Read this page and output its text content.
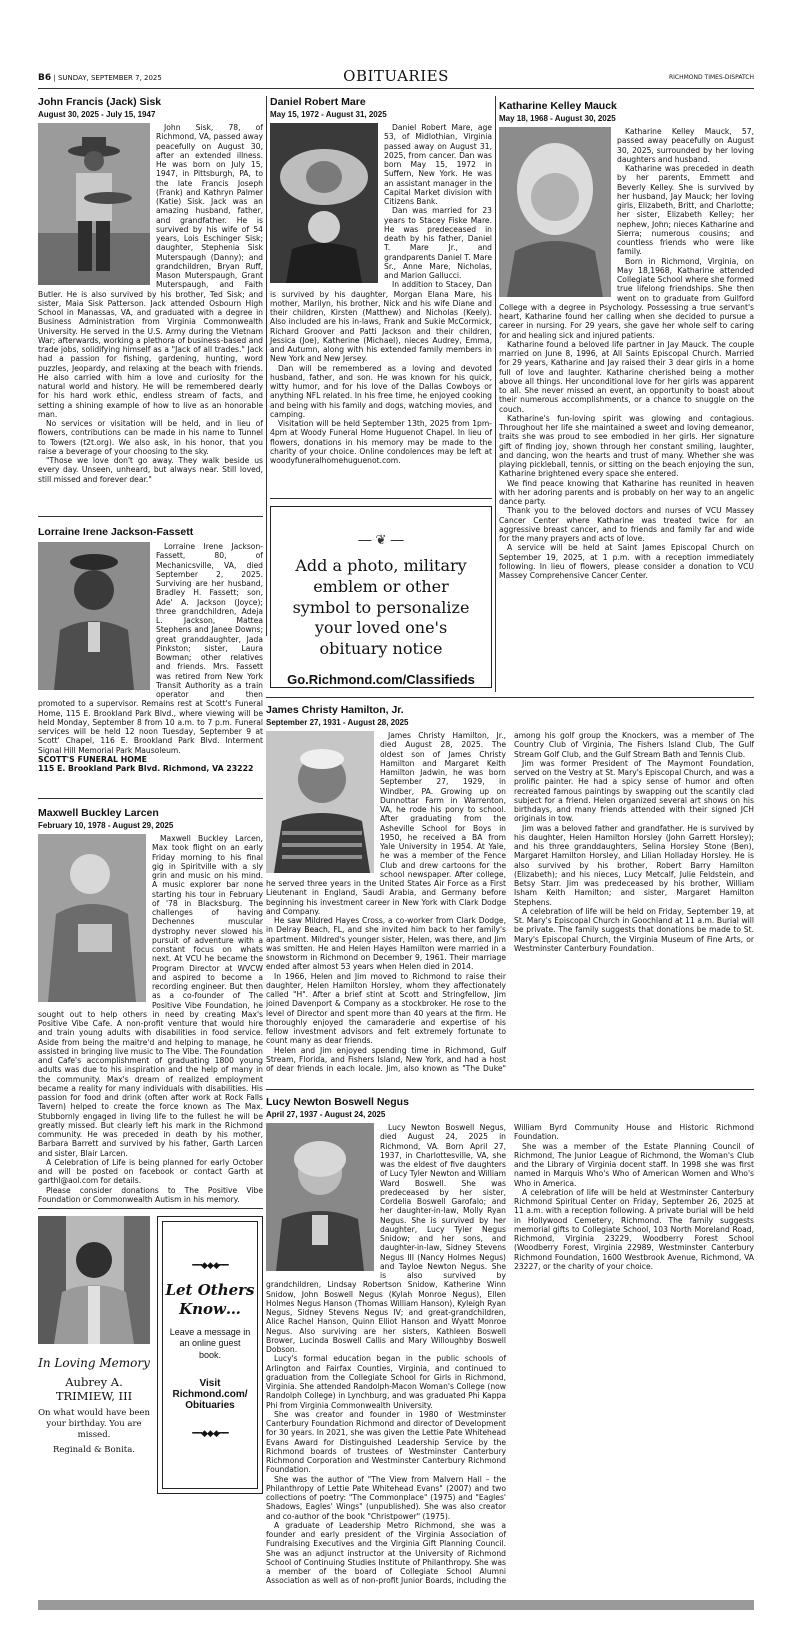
B6 | SUNDAY, SEPTEMBER 7, 2025	OBITUARIES	RICHMOND TIMES-DISPATCH
John Francis (Jack) Sisk
August 30, 2025 - July 15, 1947

John Sisk, 78, of Richmond, VA, passed away peacefully on August 30, after an extended illness. He was born on July 15, 1947, in Pittsburgh, PA, to the late Francis Joseph (Frank) and Kathryn Palmer (Katie) Sisk. Jack was an amazing husband, father, and grandfather. He is survived by his wife of 54 years, Lois Eschinger Sisk; daughter, Stephenia Sisk Muterspaugh (Danny); and grandchildren, Bryan Ruff, Mason Muterspaugh, Grant Muterspaugh, and Faith Butler. He is also survived by his brother, Ted Sisk; and sister, Maia Sisk Patterson. Jack attended Osbourn High School in Manassas, VA, and graduated with a degree in Business Administration from Virginia Commonwealth University. He served in the U.S. Army during the Vietnam War; afterwards, working a plethora of business-based and trade jobs, solidifying himself as a "Jack of all trades." Jack had a passion for fishing, gardening, hunting, word puzzles, Jeopardy, and relaxing at the beach with friends. He also carried with him a love and curiosity for the natural world and history. He will be remembered dearly for his hard work ethic, endless stream of facts, and setting a shining example of how to live as an honorable man.

No services or visitation will be held, and in lieu of flowers, contributions can be made in his name to Tunnel to Towers (t2t.org). We also ask, in his honor, that you raise a beverage of your choosing to the sky.

"Those we love don't go away. They walk beside us every day. Unseen, unheard, but always near. Still loved, still missed and forever dear."

Lorraine Irene Jackson-Fassett

Lorraine Irene Jackson-Fassett, 80, of Mechanicsville, VA, died September 2, 2025. Surviving are her husband, Bradley H. Fassett; son, Ade' A. Jackson (Joyce); three grandchildren, Adeja L. Jackson, Mattea Stephens and Janee Downs; great granddaughter, Jada Pinkston; sister, Laura Bowman; other relatives and friends. Mrs. Fassett was retired from New York Transit Authority as a train operator and then promoted to a supervisor. Remains rest at Scott's Funeral Home, 115 E. Brookland Park Blvd., where viewing will be held Monday, September 8 from 10 a.m. to 7 p.m. Funeral services will be held 12 noon Tuesday, September 9 at Scott' Chapel, 116 E. Brookland Park Blvd. Interment Signal Hill Memorial Park Mausoleum.

SCOTT'S FUNERAL HOME
115 E. Brookland Park Blvd. Richmond, VA 23222
Maxwell Buckley Larcen
February 10, 1978 - August 29, 2025

Maxwell Buckley Larcen, Max took flight on an early Friday morning to his final gig in Spiritville with a sly grin and music on his mind. A music explorer bar none starting his tour in February of '78 in Blacksburg. The challenges of having Dechennes muscular dystrophy never slowed his pursuit of adventure with a constant focus on whats next. At VCU he became the Program Director at WVCW and aspired to become a recording engineer. But then as a co-founder of The Positive Vibe Foundation, he sought out to help others in need by creating Max's Positive Vibe Cafe. A non-profit venture that would hire and train young adults with disabilities in food service. Aside from being the maitre'd and helping to manage, he assisted in bringing live music to The Vibe. The Foundation and Cafe's accomplishment of graduating 1800 young adults was due to his inspiration and the help of many in the community. Max's dream of realized employment became a reality for many individuals with disabilities. His passion for food and drink (often after work at Rock Falls Tavern) helped to create the force known as The Max. Stubbornly engaged in living life to the fullest he will be greatly missed. But clearly left his mark in the Richmond community. He was preceded in death by his mother, Barbara Barrett and survived by his father, Garth Larcen and sister, Blair Larcen.

A Celebration of Life is being planned for early October and will be posted on facebook or contact Garth at garthl@aol.com for details.

Please consider donations to The Positive Vibe Foundation or Commonwealth Autism in his memory.

In Loving Memory
Aubrey A.
TRIMIEW, III
On what would have been your birthday. You are missed.
Reginald & Bonita.
━━◆◆◆━━
Let Others Know…
Leave a message in an online guest book.
Visit
Richmond.com/
Obituaries
━━◆◆◆━━
Daniel Robert Mare
May 15, 1972 - August 31, 2025

Daniel Robert Mare, age 53, of Midlothian, Virginia passed away on August 31, 2025, from cancer. Dan was born May 15, 1972 in Suffern, New York. He was an assistant manager in the Capital Market division with Citizens Bank.

Dan was married for 23 years to Stacey Fiske Mare. He was predeceased in death by his father, Daniel T. Mare Jr., and grandparents Daniel T. Mare Sr., Anne Mare, Nicholas, and Marion Gallucci.

In addition to Stacey, Dan is survived by his daughter, Morgan Elana Mare, his mother, Marilyn, his brother, Nick and his wife Diane and their children, Kirsten (Matthew) and Nicholas (Keely). Also included are his in-laws, Frank and Sukie McCormick, Richard Groover and Patti Jackson and their children, Jessica (Joe), Katherine (Michael), nieces Audrey, Emma, and Autumn, along with his extended family members in New York and New Jersey.

Dan will be remembered as a loving and devoted husband, father, and son. He was known for his quick, witty humor, and for his love of the Dallas Cowboys or anything NFL related. In his free time, he enjoyed cooking and being with his family and dogs, watching movies, and camping.

Visitation will be held September 13th, 2025 from 1pm-4pm at Woody Funeral Home Huguenot Chapel. In lieu of flowers, donations in his memory may be made to the charity of your choice. Online condolences may be left at woodyfuneralhomehuguenot.com.

⎯⎯ ❦ ⎯⎯
Add a photo, military emblem or other symbol to personalize your loved one's obituary notice
Go.Richmond.com/Classifieds
James Christy Hamilton, Jr.
September 27, 1931 - August 28, 2025

James Christy Hamilton, Jr., died August 28, 2025. The oldest son of James Christy Hamilton and Margaret Keith Hamilton Jadwin, he was born September 27, 1929, in Windber, PA. Growing up on Dunnottar Farm in Warrenton, VA, he rode his pony to school. After graduating from the Asheville School for Boys in 1950, he received a BA from Yale University in 1954. At Yale, he was a member of the Fence Club and drew cartoons for the school newspaper. After college, he served three years in the United States Air Force as a First Lieutenant in England, Saudi Arabia, and Germany before beginning his investment career in New York with Clark Dodge and Company.

He saw Mildred Hayes Cross, a co-worker from Clark Dodge, in Delray Beach, FL, and she invited him back to her family's apartment. Mildred's younger sister, Helen, was there, and Jim was smitten. He and Helen Hayes Hamilton were married in a snowstorm in Richmond on December 9, 1961. Their marriage ended after almost 53 years when Helen died in 2014.

In 1966, Helen and Jim moved to Richmond to raise their daughter, Helen Hamilton Horsley, whom they affectionately called "H". After a brief stint at Scott and Stringfellow, Jim joined Davenport & Company as a stockbroker. He rose to the level of Director and spent more than 40 years at the firm. He thoroughly enjoyed the camaraderie and expertise of his fellow investment advisors and felt extremely fortunate to count many as dear friends.

Helen and Jim enjoyed spending time in Richmond, Gulf Stream, Florida, and Fishers Island, New York, and had a host of dear friends in each locale. Jim, also known as "The Duke" among his golf group the Knockers, was a member of The Country Club of Virginia, The Fishers Island Club, The Gulf Stream Golf Club, and the Gulf Stream Bath and Tennis Club.

Jim was former President of The Maymont Foundation, served on the Vestry at St. Mary's Episcopal Church, and was a prolific painter. He had a spicy sense of humor and often recreated famous paintings by swapping out the scantily clad subject for a friend. Helen organized several art shows on his birthdays, and many friends attended with their signed JCH originals in tow.

Jim was a beloved father and grandfather. He is survived by his daughter, Helen Hamilton Horsley (John Garrett Horsley); and his three granddaughters, Selina Horsley Stone (Ben), Margaret Hamilton Horsley, and Lilian Holladay Horsley. He is also survived by his brother, Robert Barry Hamilton (Elizabeth); and his nieces, Lucy Metcalf, Julie Feldstein, and Betsy Starr. Jim was predeceased by his brother, William Isham Keith Hamilton; and sister, Margaret Hamilton Stephens.

A celebration of life will be held on Friday, September 19, at St. Mary's Episcopal Church in Goochland at 11 a.m. Burial will be private. The family suggests that donations be made to St. Mary's Episcopal Church, the Virginia Museum of Fine Arts, or Westminster Canterbury Foundation.

Lucy Newton Boswell Negus
April 27, 1937 - August 24, 2025

Lucy Newton Boswell Negus, died August 24, 2025 in Richmond, VA. Born April 27, 1937, in Charlottesville, VA, she was the eldest of five daughters of Lucy Tyler Newton and William Ward Boswell. She was predeceased by her sister, Cordelia Boswell Garofalo; and her daughter-in-law, Molly Ryan Negus. She is survived by her daughter, Lucy Tyler Negus Snidow; and her sons, and daughter-in-law, Sidney Stevens Negus III (Nancy Holmes Negus) and Tayloe Newton Negus. She is also survived by grandchildren, Lindsay Robertson Snidow, Katherine Winn Snidow, John Boswell Negus (Kylah Monroe Negus), Ellen Holmes Negus Hanson (Thomas William Hanson), Kyleigh Ryan Negus, Sidney Stevens Negus IV; and great-grandchildren, Alice Rachel Hanson, Quinn Elliot Hanson and Wyatt Monroe Negus. Also surviving are her sisters, Kathleen Boswell Brower, Lucinda Boswell Callis and Mary Willoughby Boswell Dobson.

Lucy's formal education began in the public schools of Arlington and Fairfax Counties, Virginia, and continued to graduation from the Collegiate School for Girls in Richmond, Virginia. She attended Randolph-Macon Woman's College (now Randolph College) in Lynchburg, and was graduated Phi Kappa Phi from Virginia Commonwealth University.

She was creator and founder in 1980 of Westminster Canterbury Foundation Richmond and director of Development for 30 years. In 2021, she was given the Lettie Pate Whitehead Evans Award for Distinguished Leadership Service by the Richmond boards of trustees of Westminster Canterbury Richmond Corporation and Westminster Canterbury Richmond Foundation.

She was the author of "The View from Malvern Hall – the Philanthropy of Lettie Pate Whitehead Evans" (2007) and two collections of poetry: "The Commonplace" (1975) and "Eagles' Shadows, Eagles' Wings" (unpublished). She was also creator and co-author of the book "Christpower" (1975).

A graduate of Leadership Metro Richmond, she was a founder and early president of the Virginia Association of Fundraising Executives and the Virginia Gift Planning Council. She was an adjunct instructor at the University of Richmond School of Continuing Studies Institute of Philanthropy. She was a member of the board of Collegiate School Alumni Association as well as of non-profit Junior Boards, including the William Byrd Community House and Historic Richmond Foundation.

She was a member of the Estate Planning Council of Richmond, The Junior League of Richmond, the Woman's Club and the Library of Virginia docent staff. In 1998 she was first named in Marquis Who's Who of American Women and Who's Who in America.

A celebration of life will be held at Westminster Canterbury Richmond Spiritual Center on Friday, September 26, 2025 at 11 a.m. with a reception following. A private burial will be held in Hollywood Cemetery, Richmond. The family suggests memorial gifts to Collegiate School, 103 North Moreland Road, Richmond, Virginia 23229, Woodberry Forest School (Woodberry Forest, Virginia 22989, Westminster Canterbury Richmond Foundation, 1600 Westbrook Avenue, Richmond, VA 23227, or the charity of your choice.

Katharine Kelley Mauck
May 18, 1968 - August 30, 2025

Katharine Kelley Mauck, 57, passed away peacefully on August 30, 2025, surrounded by her loving daughters and husband.

Katharine was preceded in death by her parents, Emmett and Beverly Kelley. She is survived by her husband, Jay Mauck; her loving girls, Elizabeth, Britt, and Charlotte; her sister, Elizabeth Kelley; her nephew, John; nieces Katharine and Sierra; numerous cousins; and countless friends who were like family.

Born in Richmond, Virginia, on May 18,1968, Katharine attended Collegiate School where she formed true lifelong friendships. She then went on to graduate from Guilford College with a degree in Psychology. Possessing a true servant's heart, Katharine found her calling when she decided to pursue a career in nursing. For 29 years, she gave her whole self to caring for and healing sick and injured patients.

Katharine found a beloved life partner in Jay Mauck. The couple married on June 8, 1996, at All Saints Episcopal Church. Married for 29 years, Katharine and Jay raised their 3 dear girls in a home full of love and laughter. Katharine cherished being a mother above all things. Her unconditional love for her girls was apparent to all. She never missed an event, an opportunity to boast about their numerous accomplishments, or a chance to snuggle on the couch.

Katharine's fun-loving spirit was glowing and contagious. Throughout her life she maintained a sweet and loving demeanor, traits she was proud to see embodied in her girls. Her signature gift of finding joy, shown through her constant smiling, laughter, and dancing, won the hearts and trust of many. Whether she was playing pickleball, tennis, or sitting on the beach enjoying the sun, Katharine brightened every space she entered.

We find peace knowing that Katharine has reunited in heaven with her adoring parents and is probably on her way to an angelic dance party.

Thank you to the beloved doctors and nurses of VCU Massey Cancer Center where Katharine was treated twice for an aggressive breast cancer, and to friends and family far and wide for the many prayers and acts of love.

A service will be held at Saint James Episcopal Church on September 19, 2025, at 1 p.m. with a reception immediately following. In lieu of flowers, please consider a donation to VCU Massey Comprehensive Cancer Center.
